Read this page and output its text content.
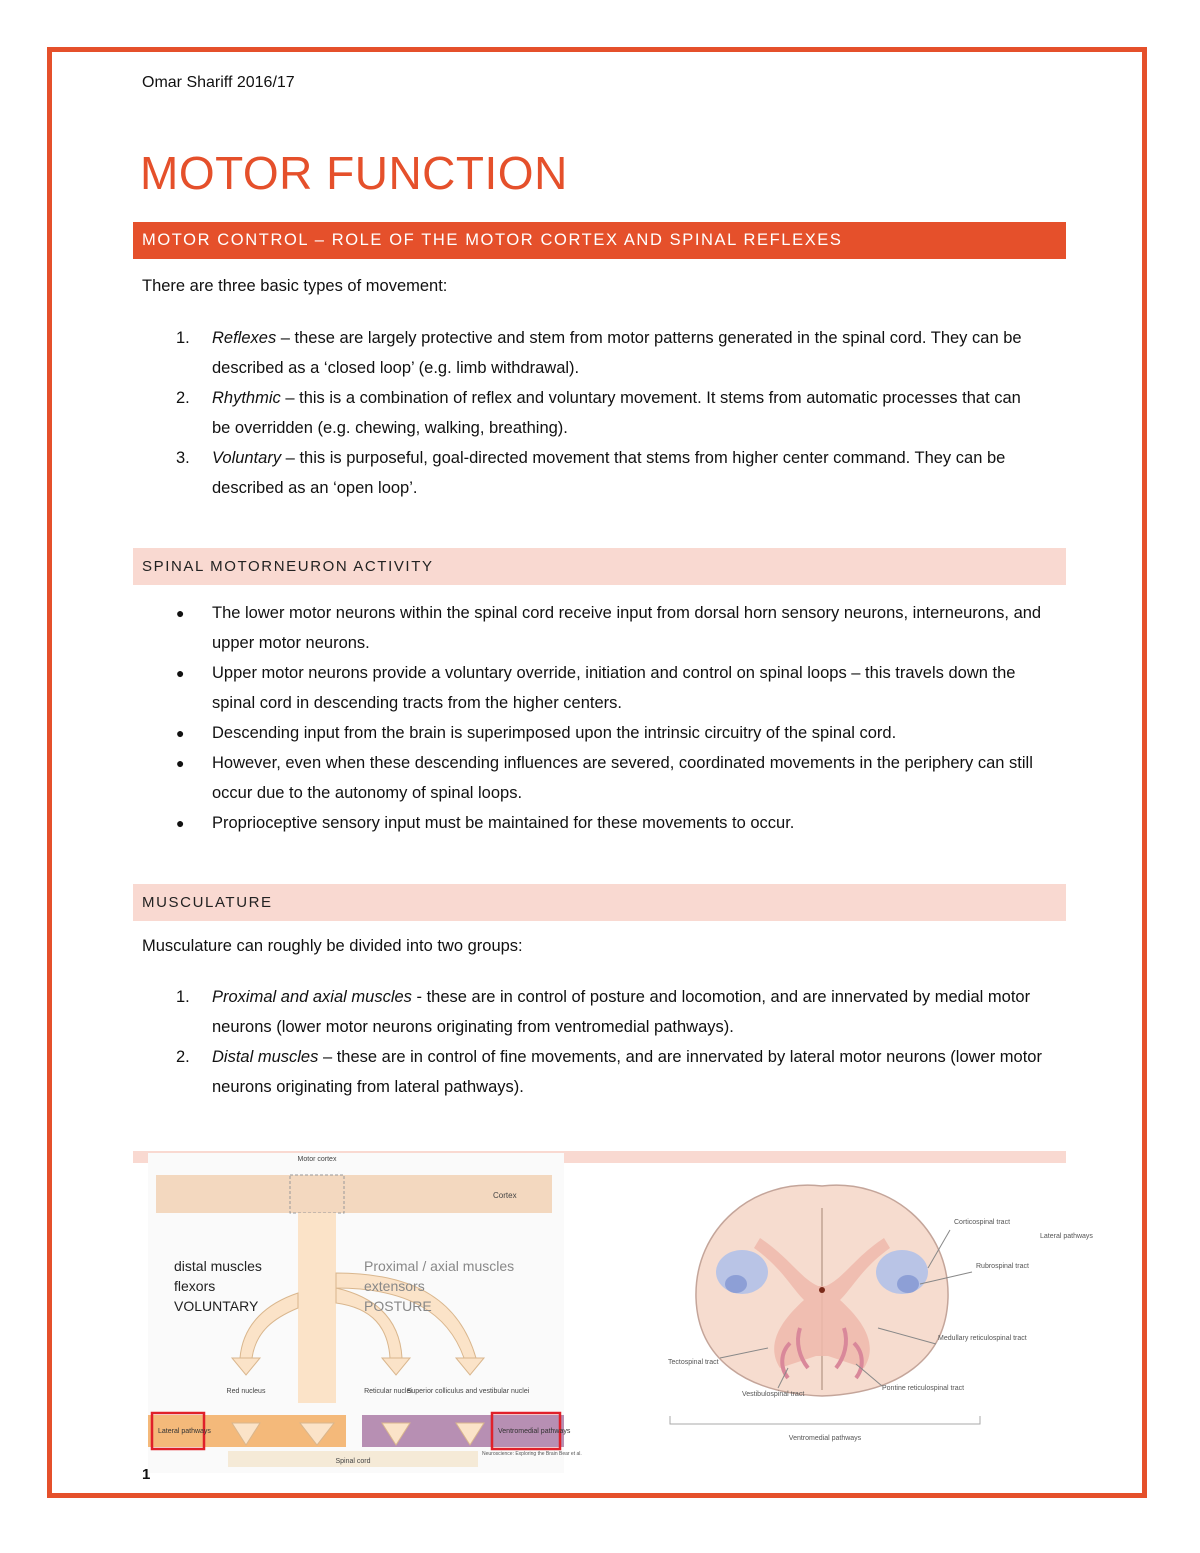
Omar Shariff 2016/17
MOTOR FUNCTION
MOTOR CONTROL – ROLE OF THE MOTOR CORTEX AND SPINAL REFLEXES
There are three basic types of movement:
1. Reflexes – these are largely protective and stem from motor patterns generated in the spinal cord. They can be described as a ‘closed loop’ (e.g. limb withdrawal).
2. Rhythmic – this is a combination of reflex and voluntary movement. It stems from automatic processes that can be overridden (e.g. chewing, walking, breathing).
3. Voluntary – this is purposeful, goal-directed movement that stems from higher center command. They can be described as an ‘open loop’.
SPINAL MOTORNEURON ACTIVITY
● The lower motor neurons within the spinal cord receive input from dorsal horn sensory neurons, interneurons, and upper motor neurons.
● Upper motor neurons provide a voluntary override, initiation and control on spinal loops – this travels down the spinal cord in descending tracts from the higher centers.
● Descending input from the brain is superimposed upon the intrinsic circuitry of the spinal cord.
● However, even when these descending influences are severed, coordinated movements in the periphery can still occur due to the autonomy of spinal loops.
● Proprioceptive sensory input must be maintained for these movements to occur.
MUSCULATURE
Musculature can roughly be divided into two groups:
1. Proximal and axial muscles - these are in control of posture and locomotion, and are innervated by medial motor neurons (lower motor neurons originating from ventromedial pathways).
2. Distal muscles – these are in control of fine movements, and are innervated by lateral motor neurons (lower motor neurons originating from lateral pathways).
Motor cortex
Cortex
distal muscles
flexors
VOLUNTARY
Proximal / axial muscles
extensors
POSTURE
Red nucleus	Reticular nuclei
Superior colliculus and vestibular nuclei
Lateral pathways	Ventromedial pathways
Spinal cord
Neuroscience: Exploring the Brain Bear et al.
Corticospinal tract
Rubrospinal tract
Lateral pathways
Medullary reticulospinal tract
Tectospinal tract
Vestibulospinal tract
Pontine reticulospinal tract
Ventromedial pathways
1
